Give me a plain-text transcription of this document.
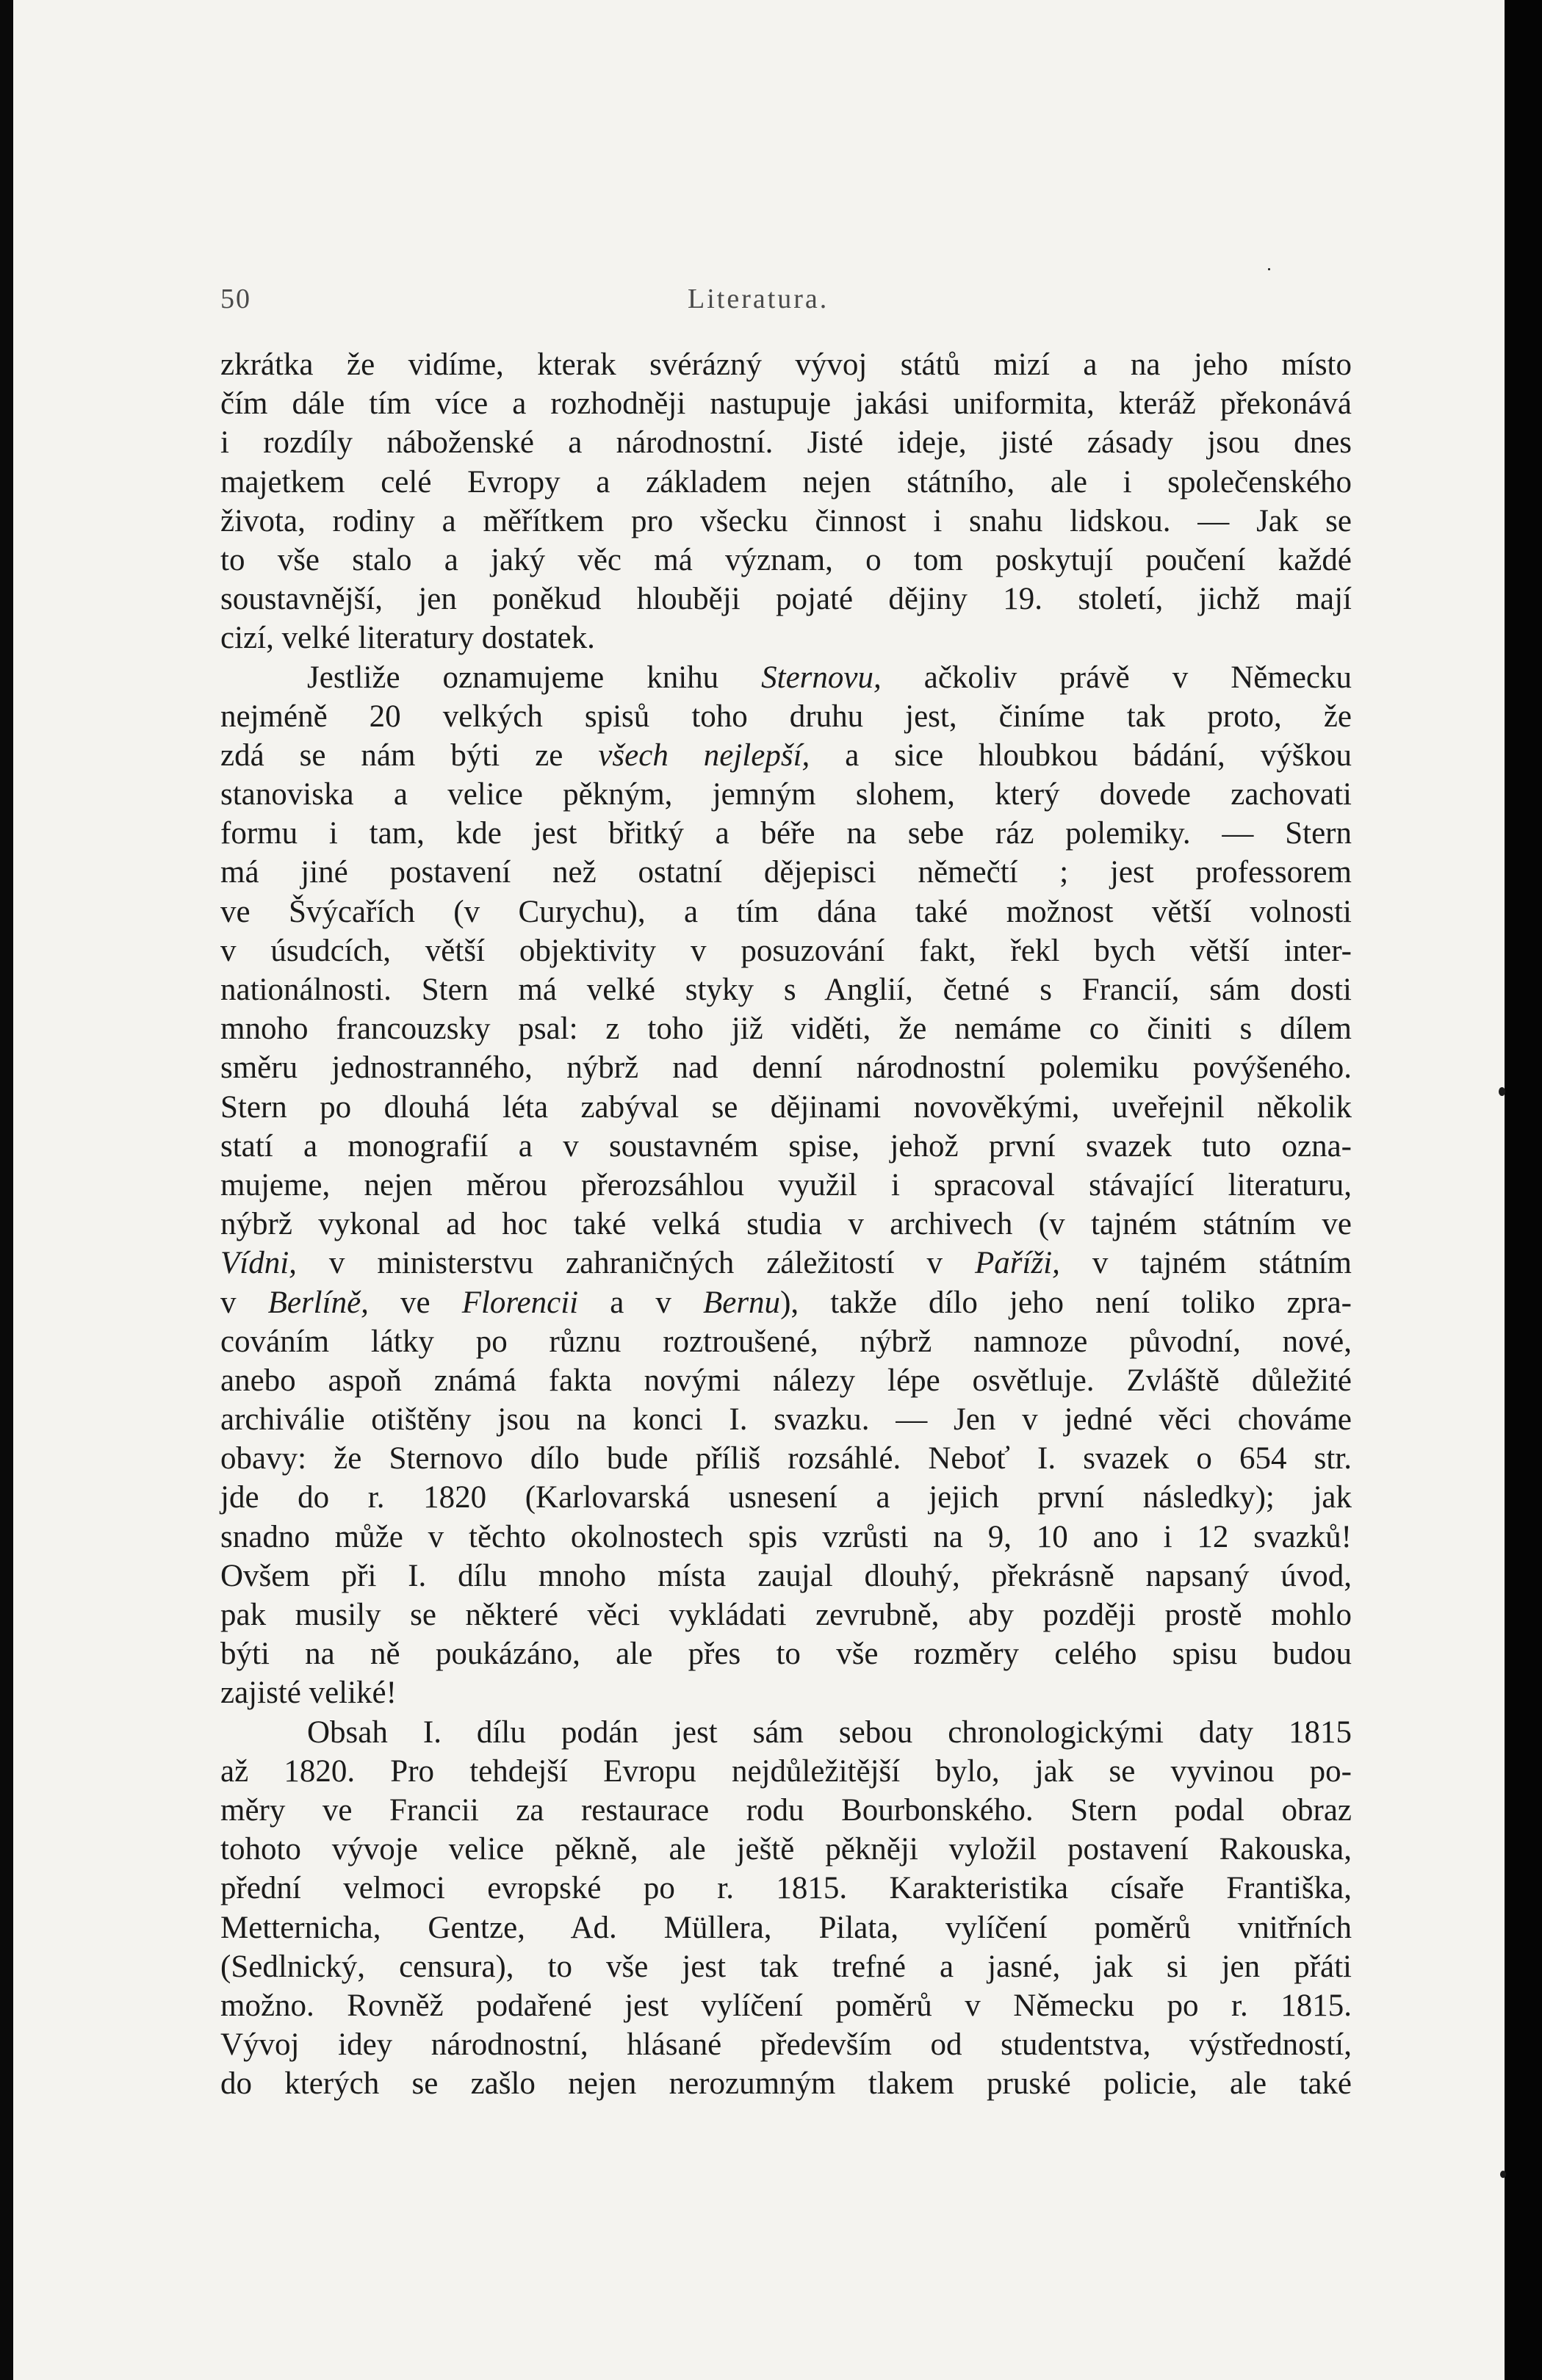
50	Literatura.
zkrátka že vidíme, kterak svérázný vývoj států mizí a na jeho místo
čím dále tím více a rozhodněji nastupuje jakási uniformita, kteráž překonává
i rozdíly náboženské a národnostní. Jisté ideje, jisté zásady jsou dnes
majetkem celé Evropy a základem nejen státního, ale i společenského
života, rodiny a měřítkem pro všecku činnost i snahu lidskou. — Jak se
to vše stalo a jaký věc má význam, o tom poskytují poučení každé
soustavnější, jen poněkud hlouběji pojaté dějiny 19. století, jichž mají
cizí, velké literatury dostatek.
Jestliže oznamujeme knihu Sternovu, ačkoliv právě v Německu
nejméně 20 velkých spisů toho druhu jest, činíme tak proto, že
zdá se nám býti ze všech nejlepší, a sice hloubkou bádání, výškou
stanoviska a velice pěkným, jemným slohem, který dovede zachovati
formu i tam, kde jest břitký a béře na sebe ráz polemiky. — Stern
má jiné postavení než ostatní dějepisci němečtí ; jest professorem
ve Švýcařích (v Curychu), a tím dána také možnost větší volnosti
v úsudcích, větší objektivity v posuzování fakt, řekl bych větší inter-
nationálnosti. Stern má velké styky s Anglií, četné s Francií, sám dosti
mnoho francouzsky psal: z toho již viděti, že nemáme co činiti s dílem
směru jednostranného, nýbrž nad denní národnostní polemiku povýšeného.
Stern po dlouhá léta zabýval se dějinami novověkými, uveřejnil několik
statí a monografií a v soustavném spise, jehož první svazek tuto ozna-
mujeme, nejen měrou přerozsáhlou využil i spracoval stávající literaturu,
nýbrž vykonal ad hoc také velká studia v archivech (v tajném státním ve
Vídni, v ministerstvu zahraničných záležitostí v Paříži, v tajném státním
v Berlíně, ve Florencii a v Bernu), takže dílo jeho není toliko zpra-
cováním látky po různu roztroušené, nýbrž namnoze původní, nové,
anebo aspoň známá fakta novými nálezy lépe osvětluje. Zvláště důležité
archiválie otištěny jsou na konci I. svazku. — Jen v jedné věci chováme
obavy: že Sternovo dílo bude příliš rozsáhlé. Neboť I. svazek o 654 str.
jde do r. 1820 (Karlovarská usnesení a jejich první následky); jak
snadno může v těchto okolnostech spis vzrůsti na 9, 10 ano i 12 svazků!
Ovšem při I. dílu mnoho místa zaujal dlouhý, překrásně napsaný úvod,
pak musily se některé věci vykládati zevrubně, aby později prostě mohlo
býti na ně poukázáno, ale přes to vše rozměry celého spisu budou
zajisté veliké!
Obsah I. dílu podán jest sám sebou chronologickými daty 1815
až 1820. Pro tehdejší Evropu nejdůležitější bylo, jak se vyvinou po-
měry ve Francii za restaurace rodu Bourbonského. Stern podal obraz
tohoto vývoje velice pěkně, ale ještě pěkněji vyložil postavení Rakouska,
přední velmoci evropské po r. 1815. Karakteristika císaře Františka,
Metternicha, Gentze, Ad. Müllera, Pilata, vylíčení poměrů vnitřních
(Sedlnický, censura), to vše jest tak trefné a jasné, jak si jen přáti
možno. Rovněž podařené jest vylíčení poměrů v Německu po r. 1815.
Vývoj idey národnostní, hlásané především od studentstva, výstředností,
do kterých se zašlo nejen nerozumným tlakem pruské policie, ale také
